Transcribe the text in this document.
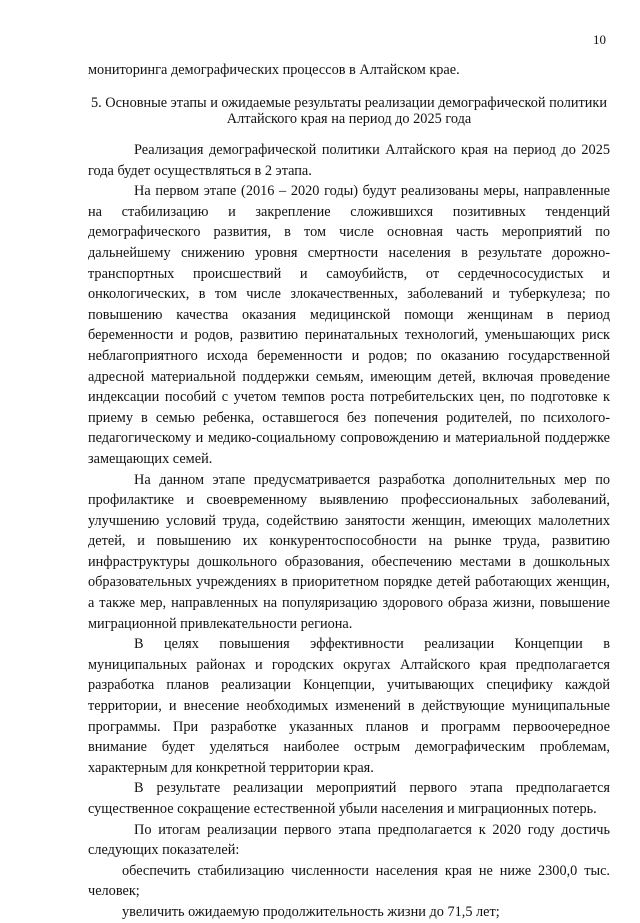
10

мониторинга демографических процессов в Алтайском крае.

5. Основные этапы и ожидаемые результаты реализации демографической политики Алтайского края на период до 2025 года

Реализация демографической политики Алтайского края на период до 2025 года будет осуществляться в 2 этапа.

На первом этапе (2016 – 2020 годы) будут реализованы меры, направленные на стабилизацию и закрепление сложившихся позитивных тенденций демографического развития, в том числе основная часть мероприятий по дальнейшему снижению уровня смертности населения в результате дорожно-транспортных происшествий и самоубийств, от сердечнососудистых и онкологических, в том числе злокачественных, заболеваний и туберкулеза; по повышению качества оказания медицинской помощи женщинам в период беременности и родов, развитию перинатальных технологий, уменьшающих риск неблагоприятного исхода беременности и родов; по оказанию государственной адресной материальной поддержки семьям, имеющим детей, включая проведение индексации пособий с учетом темпов роста потребительских цен, по подготовке к приему в семью ребенка, оставшегося без попечения родителей, по психолого-педагогическому и медико-социальному сопровождению и материальной поддержке замещающих семей.

На данном этапе предусматривается разработка дополнительных мер по профилактике и своевременному выявлению профессиональных заболеваний, улучшению условий труда, содействию занятости женщин, имеющих малолетних детей, и повышению их конкурентоспособности на рынке труда, развитию инфраструктуры дошкольного образования, обеспечению местами в дошкольных образовательных учреждениях в приоритетном порядке детей работающих женщин, а также мер, направленных на популяризацию здорового образа жизни, повышение миграционной привлекательности региона.

В целях повышения эффективности реализации Концепции в муниципальных районах и городских округах Алтайского края предполагается разработка планов реализации Концепции, учитывающих специфику каждой территории, и внесение необходимых изменений в действующие муниципальные программы. При разработке указанных планов и программ первоочередное внимание будет уделяться наиболее острым демографическим проблемам, характерным для конкретной территории края.

В результате реализации мероприятий первого этапа предполагается существенное сокращение естественной убыли населения и миграционных потерь.

По итогам реализации первого этапа предполагается к 2020 году достичь следующих показателей:

обеспечить стабилизацию численности населения края не ниже 2300,0 тыс. человек;

увеличить ожидаемую продолжительность жизни до 71,5 лет;
